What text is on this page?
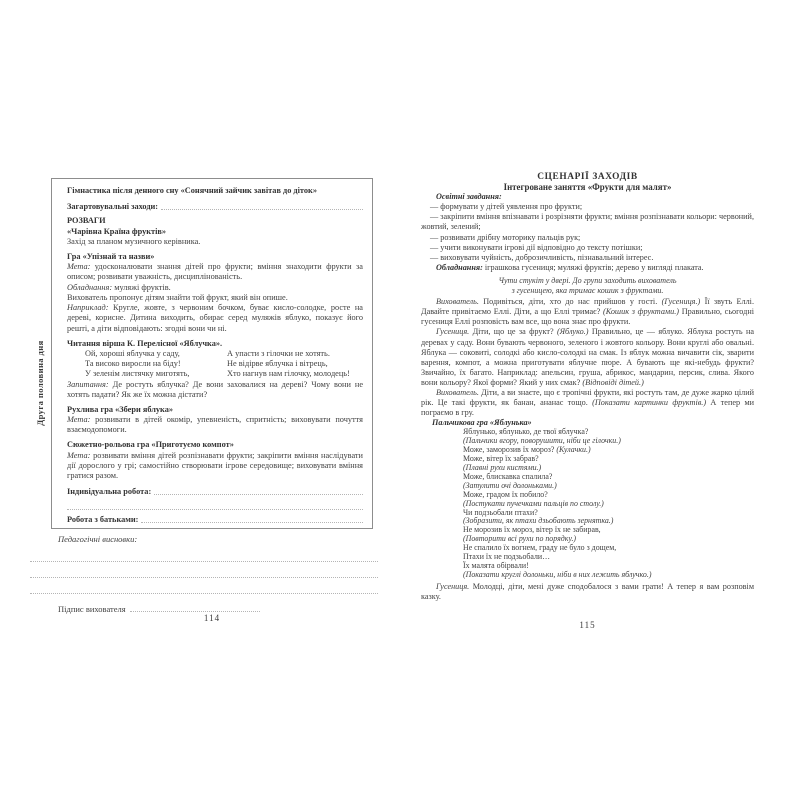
Друга половина дня

Гімнастика після денного сну «Сонячний зайчик завітав до діток»

Загартовувальні заходи:

РОЗВАГИ

«Чарівна Країна фруктів»

Захід за планом музичного керівника.

Гра «Упізнай та назви»

Мета: удосконалювати знання дітей про фрукти; вміння знаходити фрукти за описом; розвивати уважність, дисциплінованість.

Обладнання: муляжі фруктів.

Вихователь пропонує дітям знайти той фрукт, який він опише.

Наприклад: Кругле, жовте, з червоним бочком, буває кисло-солодке, росте на дереві, корисне. Дитина виходить, обирає серед муляжів яблуко, показує його решті, а діти відповідають: згодні вони чи ні.

Читання вірша К. Перелісної «Яблучка».

Ой, хороші яблучка у саду,
Та високо виросли на біду!
У зеленім листячку миготять,
А упасти з гілочки не хотять.
Не відірве яблучка і вітрець,
Хто нагнув нам гілочку, молодець!

Запитання: Де ростуть яблучка? Де вони заховалися на дереві? Чому вони не хотять падати? Як же їх можна дістати?

Рухлива гра «Збери яблука»

Мета: розвивати в дітей окомір, упевненість, спритність; виховувати почуття взаємодопомоги.

Сюжетно-рольова гра «Приготуємо компот»

Мета: розвивати вміння дітей розпізнавати фрукти; закріпити вміння наслідувати дії дорослого у грі; самостійно створювати ігрове середовище; виховувати вміння гратися разом.

Індивідуальна робота:
Робота з батьками:

Педагогічні висновки:

Підпис вихователя
114

СЦЕНАРІЇ ЗАХОДІВ

Інтегроване заняття «Фрукти для малят»

Освітні завдання:

— формувати у дітей уявлення про фрукти;

— закріпити вміння впізнавати і розрізняти фрукти; вміння розпізнавати кольори: червоний, жовтий, зелений;

— розвивати дрібну моторику пальців рук;

— учити виконувати ігрові дії відповідно до тексту потішки;

— виховувати чуйність, доброзичливість, пізнавальний інтерес.

Обладнання: іграшкова гусениця; муляжі фруктів; дерево у вигляді плаката.

Чути стукіт у двері. До групи заходить вихователь

з гусеницею, яка тримає кошик з фруктами.

Вихователь. Подивіться, діти, хто до нас прийшов у гості. (Гусениця.) Її звуть Еллі. Давайте привітаємо Еллі. Діти, а що Еллі тримає? (Кошик з фруктами.) Правильно, сьогодні гусениця Еллі розповість вам все, що вона знає про фрукти.

Гусениця. Діти, що це за фрукт? (Яблуко.) Правильно, це — яблуко. Яблука ростуть на деревах у саду. Вони бувають червоного, зеленого і жовтого кольору. Вони круглі або овальні. Яблука — соковиті, солодкі або кисло-солодкі на смак. Із яблук можна вичавити сік, зварити варення, компот, а можна приготувати яблучне пюре. А бувають ще які-небудь фрукти? Звичайно, їх багато. Наприклад: апельсин, груша, абрикос, мандарин, персик, слива. Якого вони кольору? Якої форми? Який у них смак? (Відповіді дітей.)

Вихователь. Діти, а ви знаєте, що є тропічні фрукти, які ростуть там, де дуже жарко цілий рік. Це такі фрукти, як банан, ананас тощо. (Показати картинки фруктів.) А тепер ми пограємо в гру.

Пальчикова гра «Яблунька»

Яблунько, яблунько, де твої яблучка?
(Пальчики вгору, поворушити, ніби це гілочки.)
Може, заморозив їх мороз? (Кулачки.)
Може, вітер їх забрав?
(Плавні рухи кистями.)
Може, блискавка спалила?
(Затулити очі долоньками.)
Може, градом їх побило?
(Постукати пучечками пальців по столу.)
Чи подзьобали птахи?
(Зобразити, як птахи дзьобають зернятка.)
Не морозив їх мороз, вітер їх не забирав,
(Повторити всі рухи по порядку.)
Не спалило їх вогнем, граду не було з дощем,
Птахи їх не подзьобали…
Їх малята обірвали!
(Показати круглі долоньки, ніби в них лежить яблучко.)

Гусениця. Молодці, діти, мені дуже сподобалося з вами грати! А тепер я вам розповім казку.

115
